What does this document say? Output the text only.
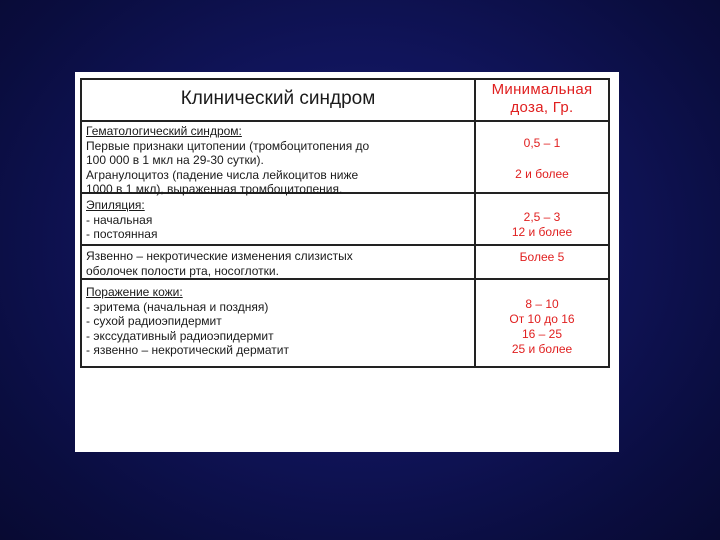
Клинический синдром	Минимальная
доза, Гр.
Гематологический синдром:
Первые признаки цитопении (тромбоцитопения до
100 000 в 1 мкл на 29-30 сутки).
Агранулоцитоз (падение числа лейкоцитов ниже
1000 в 1 мкл), выраженная тромбоцитопения.
0,5 – 1
2 и более
Эпиляция:
- начальная
- постоянная
2,5 – 3
12 и более
Язвенно – некротические изменения слизистых
оболочек полости рта, носоглотки.
Более 5
Поражение кожи:
- эритема (начальная и поздняя)
- сухой радиоэпидермит
- экссудативный радиоэпидермит
- язвенно – некротический дерматит
8 – 10
От 10 до 16
16 – 25
25 и более
